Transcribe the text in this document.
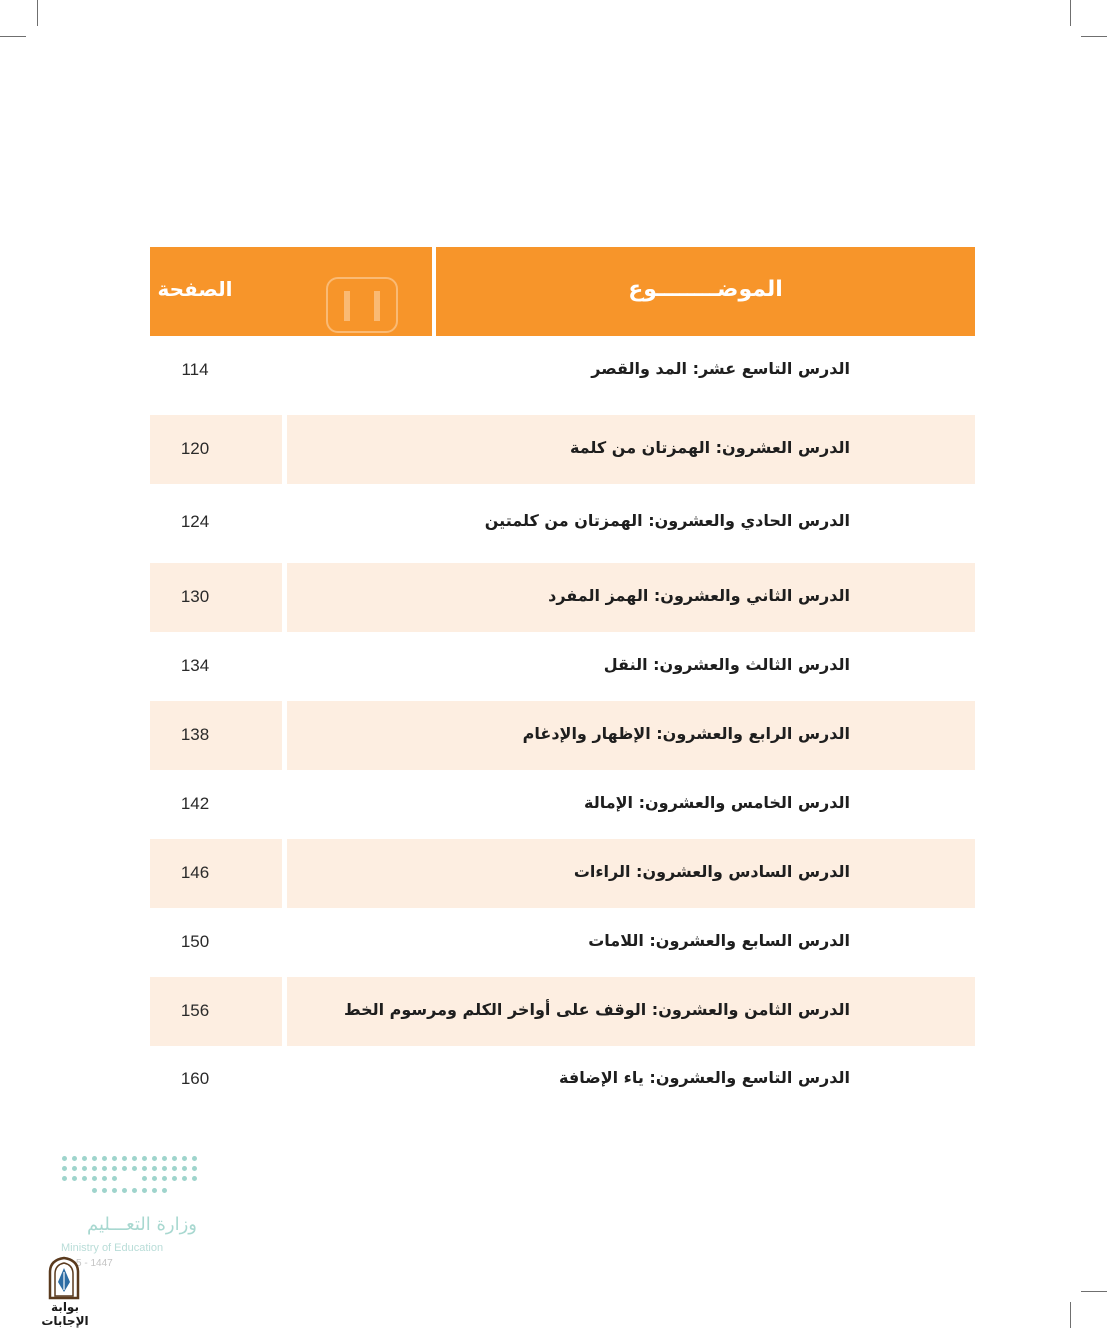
الصفحة	الموضــــــــوع
114	الدرس التاسع عشر: المد والقصر
120	الدرس العشرون: الهمزتان من كلمة
124	الدرس الحادي والعشرون: الهمزتان من كلمتين
130	الدرس الثاني والعشرون: الهمز المفرد
134	الدرس الثالث والعشرون: النقل
138	الدرس الرابع والعشرون: الإظهار والإدغام
142	الدرس الخامس والعشرون: الإمالة
146	الدرس السادس والعشرون: الراءات
150	الدرس السابع والعشرون: اللامات
156	الدرس الثامن والعشرون: الوقف على أواخر الكلم ومرسوم الخط
160	الدرس التاسع والعشرون: ياء الإضافة
وزارة التعـــليم
Ministry of Education
5 - 1447
بوابة الإجابات
